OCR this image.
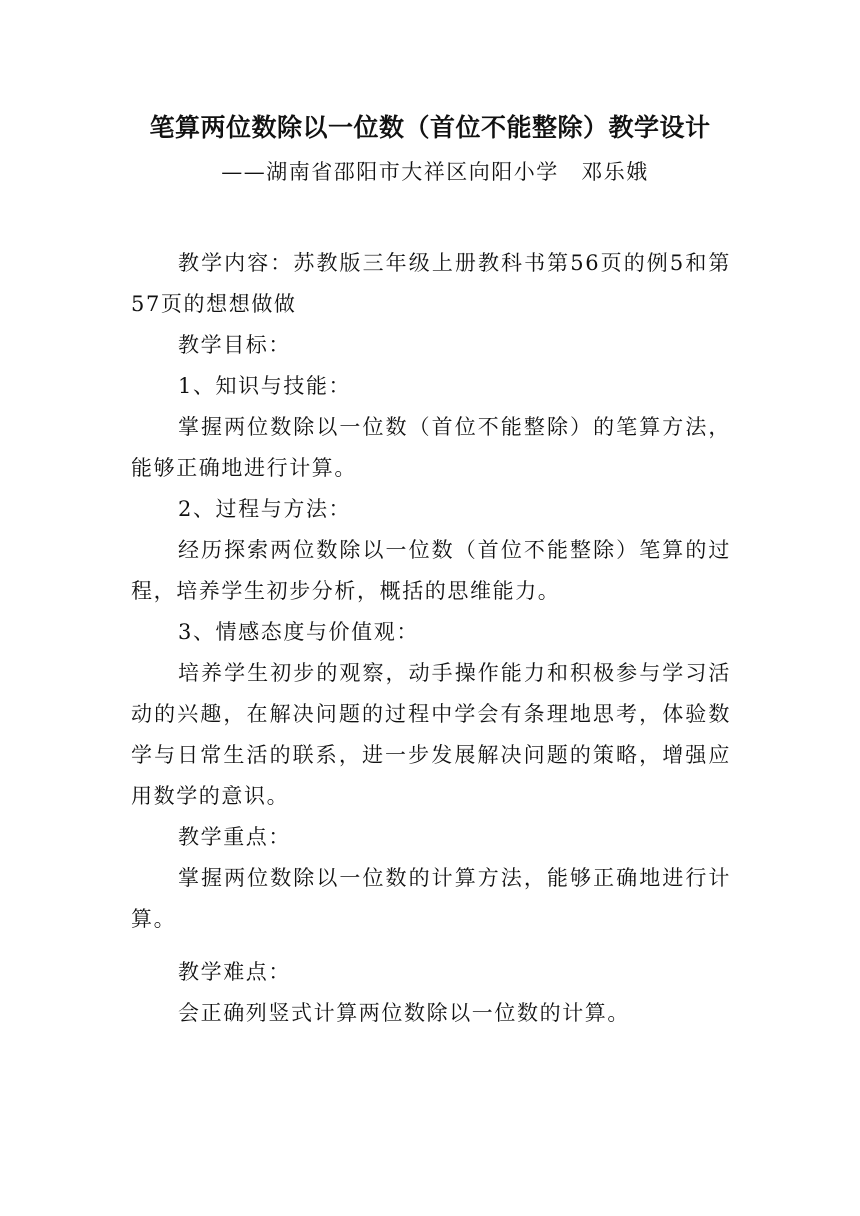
笔算两位数除以一位数（首位不能整除）教学设计
——湖南省邵阳市大祥区向阳小学　邓乐娥

教学内容：苏教版三年级上册教科书第56页的例5和第57页的想想做做

教学目标：

1、知识与技能：

掌握两位数除以一位数（首位不能整除）的笔算方法，能够正确地进行计算。

2、过程与方法：

经历探索两位数除以一位数（首位不能整除）笔算的过程，培养学生初步分析，概括的思维能力。

3、情感态度与价值观：

培养学生初步的观察，动手操作能力和积极参与学习活动的兴趣，在解决问题的过程中学会有条理地思考，体验数学与日常生活的联系，进一步发展解决问题的策略，增强应用数学的意识。

教学重点：

掌握两位数除以一位数的计算方法，能够正确地进行计算。

教学难点：

会正确列竖式计算两位数除以一位数的计算。
